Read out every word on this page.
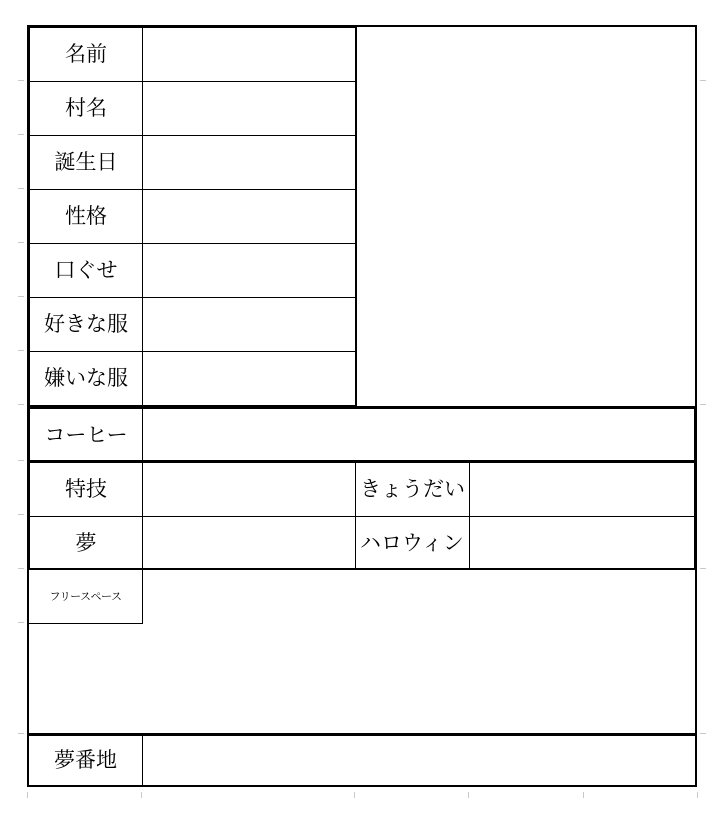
名前
村名
誕生日
性格
口ぐせ
好きな服
嫌いな服
コーヒー
特技	きょうだい
夢	ハロウィン
フリースペース
夢番地
